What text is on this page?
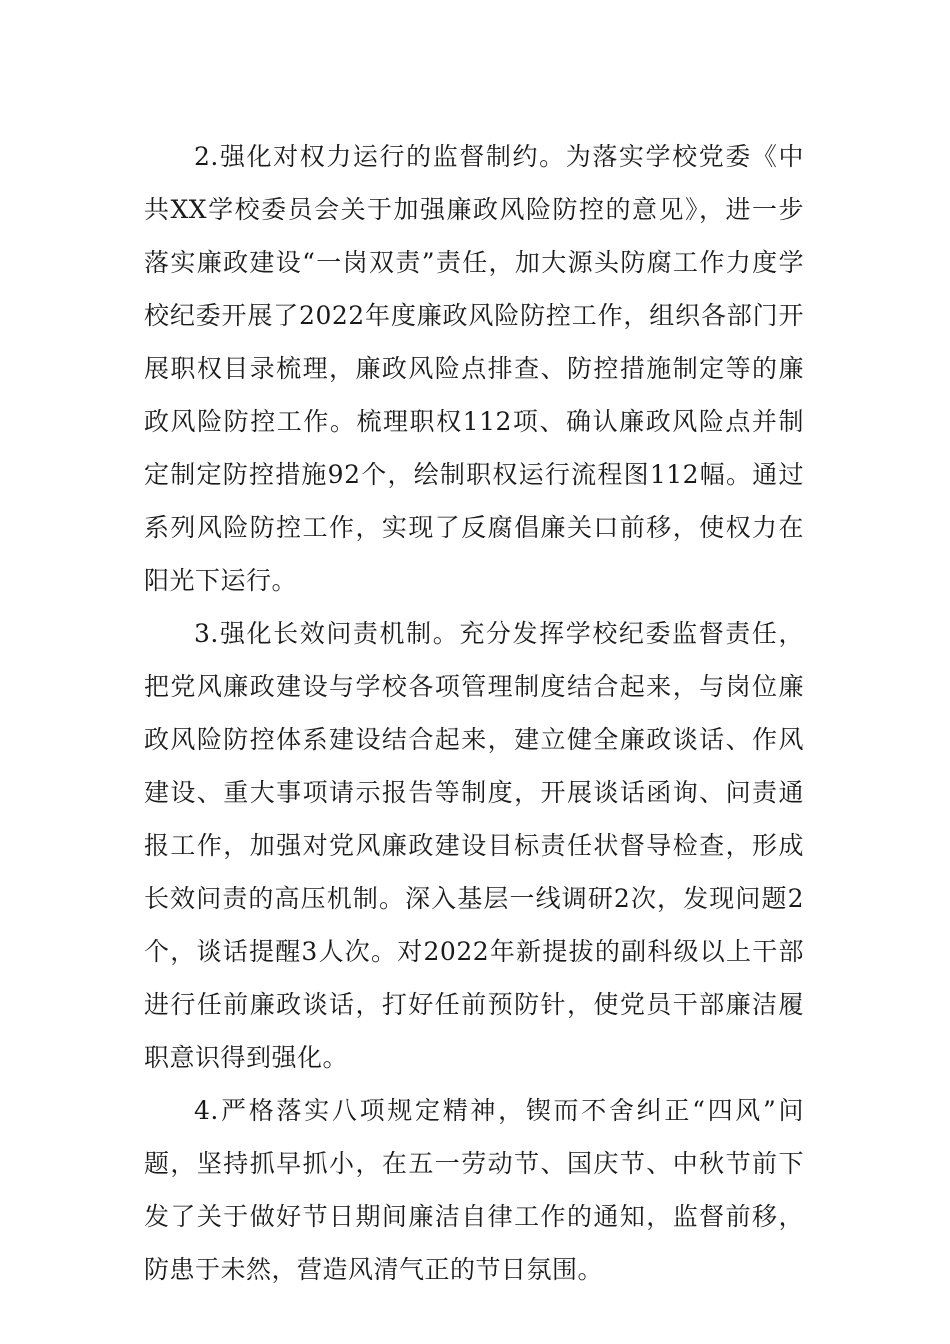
2.强化对权力运行的监督制约。为落实学校党委《中共XX学校委员会关于加强廉政风险防控的意见》，进一步落实廉政建设“一岗双责”责任，加大源头防腐工作力度学校纪委开展了2022年度廉政风险防控工作，组织各部门开展职权目录梳理，廉政风险点排查、防控措施制定等的廉政风险防控工作。梳理职权112项、确认廉政风险点并制定制定防控措施92个，绘制职权运行流程图112幅。通过系列风险防控工作，实现了反腐倡廉关口前移，使权力在阳光下运行。

3.强化长效问责机制。充分发挥学校纪委监督责任，把党风廉政建设与学校各项管理制度结合起来，与岗位廉政风险防控体系建设结合起来，建立健全廉政谈话、作风建设、重大事项请示报告等制度，开展谈话函询、问责通报工作，加强对党风廉政建设目标责任状督导检查，形成长效问责的高压机制。深入基层一线调研2次，发现问题2个，谈话提醒3人次。对2022年新提拔的副科级以上干部进行任前廉政谈话，打好任前预防针，使党员干部廉洁履职意识得到强化。

4.严格落实八项规定精神，锲而不舍纠正“四风”问题，坚持抓早抓小，在五一劳动节、国庆节、中秋节前下发了关于做好节日期间廉洁自律工作的通知，监督前移，防患于未然，营造风清气正的节日氛围。
